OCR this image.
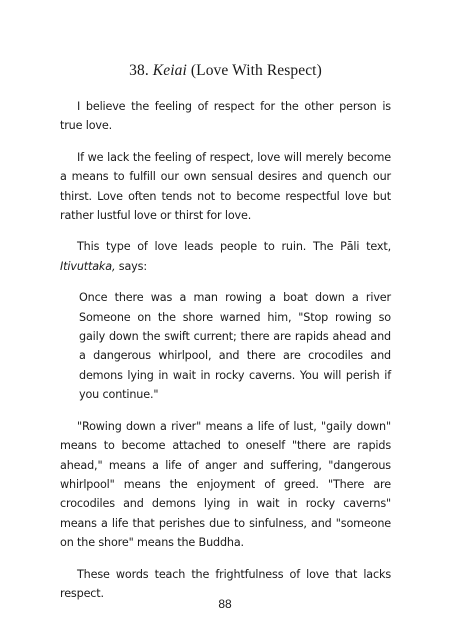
38. Keiai (Love With Respect)

I believe the feeling of respect for the other person is true love.

If we lack the feeling of respect, love will merely become a means to fulfill our own sensual desires and quench our thirst. Love often tends not to become respectful love but rather lustful love or thirst for love.

This type of love leads people to ruin. The Pāli text, Itivuttaka, says:

Once there was a man rowing a boat down a river Someone on the shore warned him, "Stop rowing so gaily down the swift current; there are rapids ahead and a dangerous whirlpool, and there are crocodiles and demons lying in wait in rocky caverns. You will perish if you continue."

"Rowing down a river" means a life of lust, "gaily down" means to become attached to oneself "there are rapids ahead," means a life of anger and suffering, "dangerous whirlpool" means the enjoyment of greed. "There are crocodiles and demons lying in wait in rocky caverns" means a life that perishes due to sinfulness, and "someone on the shore" means the Buddha.

These words teach the frightfulness of love that lacks respect.

88
